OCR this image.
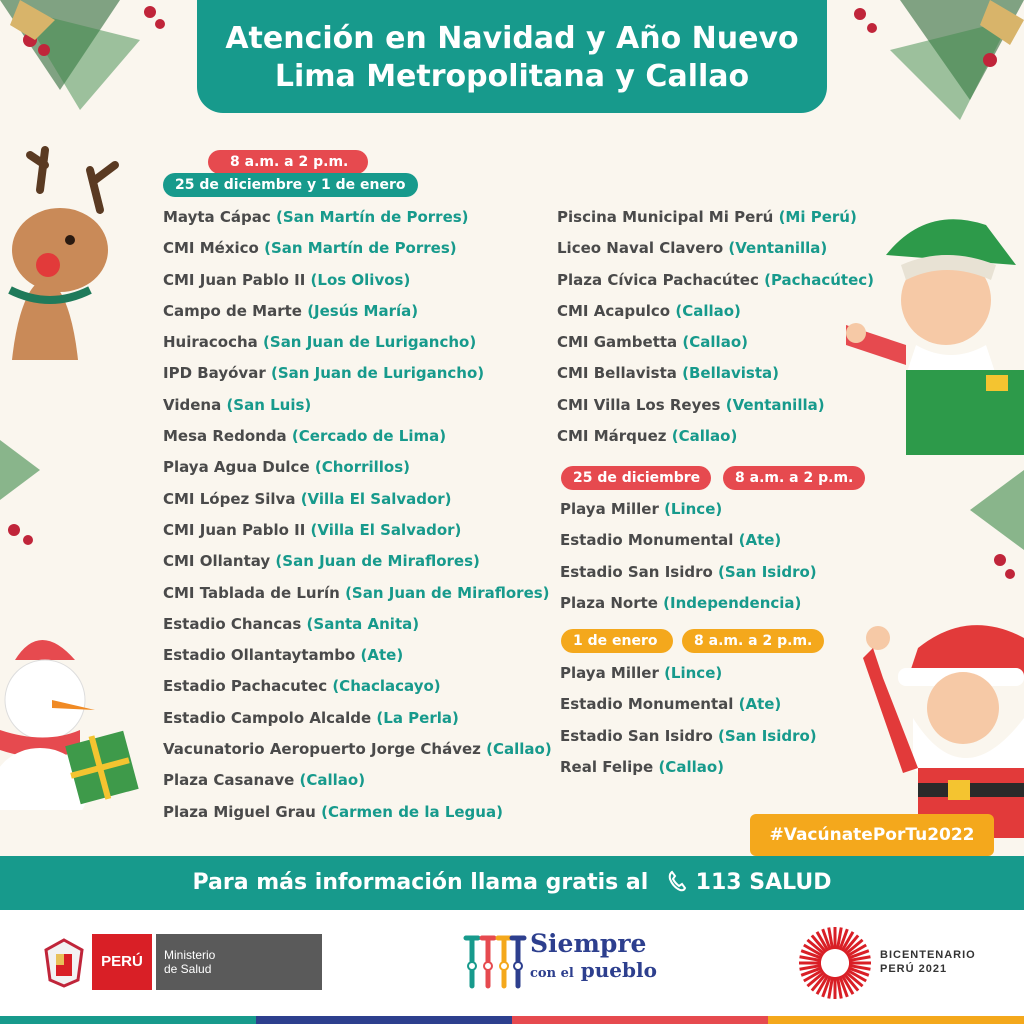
Atención en Navidad y Año Nuevo
Lima Metropolitana y Callao
8 a.m. a 2 p.m.
25 de diciembre y 1 de enero
Mayta Cápac (San Martín de Porres)
CMI México (San Martín de Porres)
CMI Juan Pablo II (Los Olivos)
Campo de Marte (Jesús María)
Huiracocha (San Juan de Lurigancho)
IPD Bayóvar (San Juan de Lurigancho)
Videna (San Luis)
Mesa Redonda (Cercado de Lima)
Playa Agua Dulce (Chorrillos)
CMI López Silva (Villa El Salvador)
CMI Juan Pablo II (Villa El Salvador)
CMI Ollantay (San Juan de Miraflores)
CMI Tablada de Lurín (San Juan de Miraflores)
Estadio Chancas (Santa Anita)
Estadio Ollantaytambo (Ate)
Estadio Pachacutec (Chaclacayo)
Estadio Campolo Alcalde (La Perla)
Vacunatorio Aeropuerto Jorge Chávez (Callao)
Plaza Casanave (Callao)
Plaza Miguel Grau (Carmen de la Legua)
Piscina Municipal Mi Perú (Mi Perú)
Liceo Naval Clavero (Ventanilla)
Plaza Cívica Pachacútec (Pachacútec)
CMI Acapulco (Callao)
CMI Gambetta (Callao)
CMI Bellavista (Bellavista)
CMI Villa Los Reyes (Ventanilla)
CMI Márquez (Callao)
25 de diciembre	8 a.m. a 2 p.m.
Playa Miller (Lince)
Estadio Monumental (Ate)
Estadio San Isidro (San Isidro)
Plaza Norte (Independencia)
1 de enero	8 a.m. a 2 p.m.
Playa Miller (Lince)
Estadio Monumental (Ate)
Estadio San Isidro (San Isidro)
Real Felipe (Callao)
#VacúnatePorTu2022
Para más información llama gratis al 113 SALUD
PERÚ	Ministerio
de Salud
Siempre
con el pueblo
BICENTENARIO
PERÚ 2021
